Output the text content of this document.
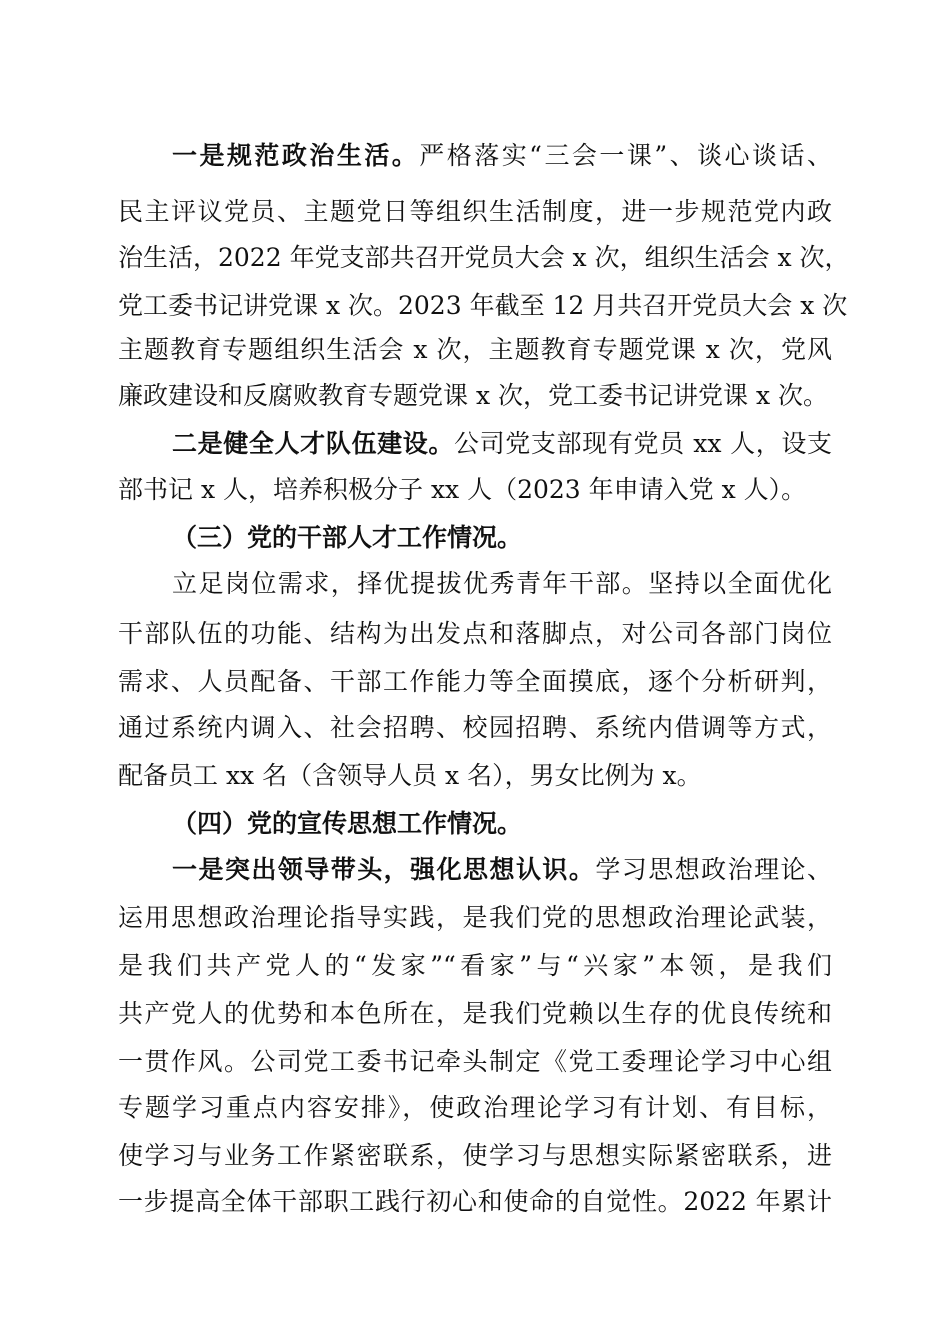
一是规范政治生活。严格落实“三会一课”、谈心谈话、
民主评议党员、主题党日等组织生活制度，进一步规范党内政
治生活，2022 年党支部共召开党员大会 x 次，组织生活会 x 次，
党工委书记讲党课 x 次。2023 年截至 12 月共召开党员大会 x 次
主题教育专题组织生活会 x 次，主题教育专题党课 x 次，党风
廉政建设和反腐败教育专题党课 x 次，党工委书记讲党课 x 次。
二是健全人才队伍建设。公司党支部现有党员 xx 人，设支
部书记 x 人，培养积极分子 xx 人（2023 年申请入党 x 人）。
（三）党的干部人才工作情况。
立足岗位需求，择优提拔优秀青年干部。坚持以全面优化
干部队伍的功能、结构为出发点和落脚点，对公司各部门岗位
需求、人员配备、干部工作能力等全面摸底，逐个分析研判，
通过系统内调入、社会招聘、校园招聘、系统内借调等方式，
配备员工 xx 名（含领导人员 x 名），男女比例为 x。
（四）党的宣传思想工作情况。
一是突出领导带头，强化思想认识。学习思想政治理论、
运用思想政治理论指导实践，是我们党的思想政治理论武装，
是我们共产党人的“发家”“看家”与“兴家”本领，是我们
共产党人的优势和本色所在，是我们党赖以生存的优良传统和
一贯作风。公司党工委书记牵头制定《党工委理论学习中心组
专题学习重点内容安排》，使政治理论学习有计划、有目标，
使学习与业务工作紧密联系，使学习与思想实际紧密联系，进
一步提高全体干部职工践行初心和使命的自觉性。2022 年累计
